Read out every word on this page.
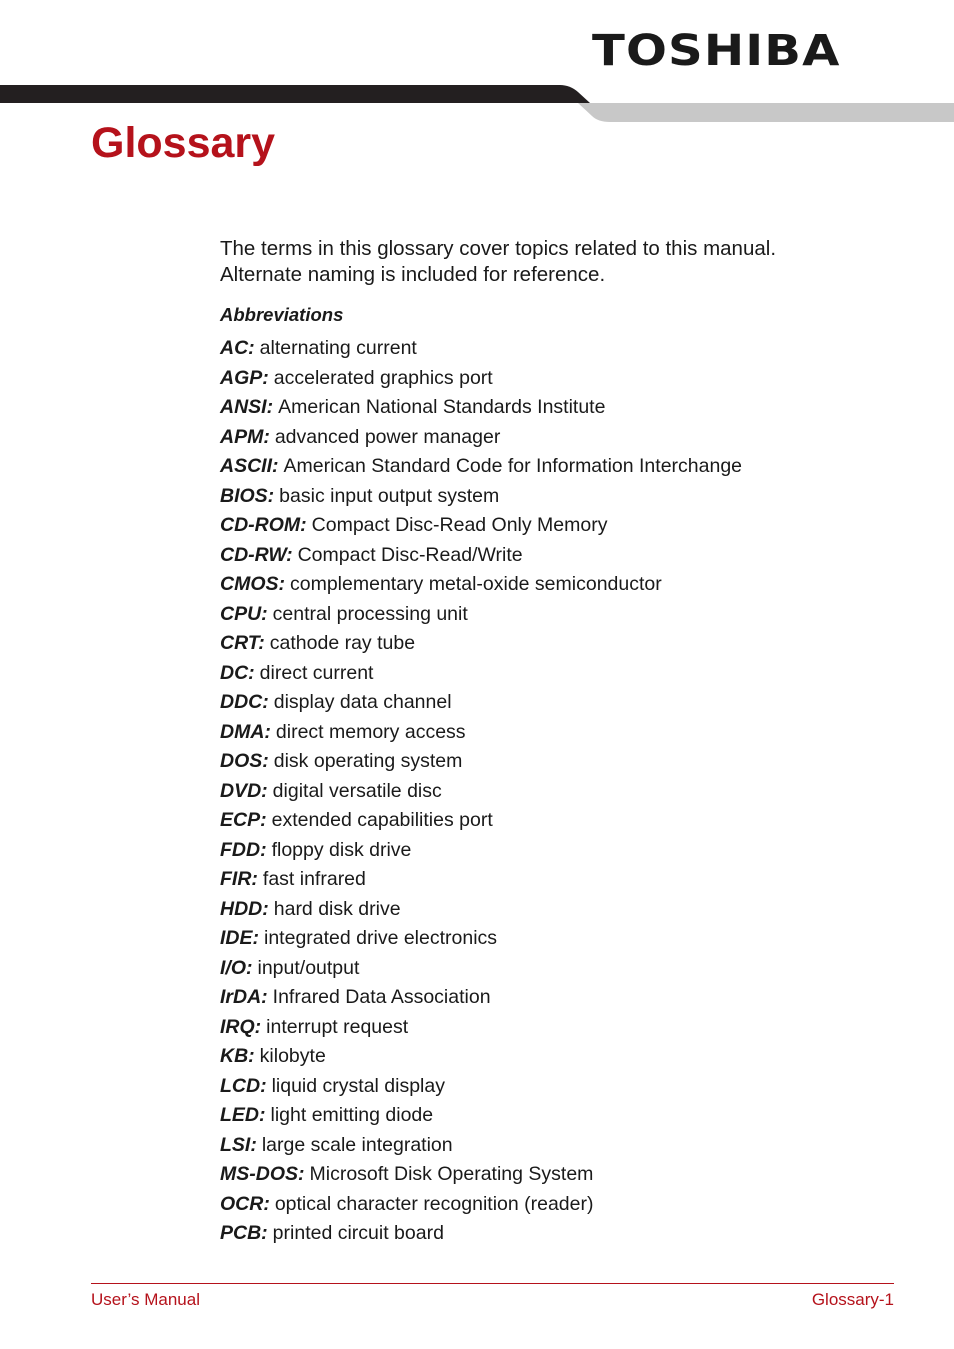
TOSHIBA
Glossary
The terms in this glossary cover topics related to this manual.
Alternate naming is included for reference.
Abbreviations
AC: alternating current
AGP: accelerated graphics port
ANSI: American National Standards Institute
APM: advanced power manager
ASCII: American Standard Code for Information Interchange
BIOS: basic input output system
CD-ROM: Compact Disc-Read Only Memory
CD-RW: Compact Disc-Read/Write
CMOS: complementary metal-oxide semiconductor
CPU: central processing unit
CRT: cathode ray tube
DC: direct current
DDC: display data channel
DMA: direct memory access
DOS: disk operating system
DVD: digital versatile disc
ECP: extended capabilities port
FDD: floppy disk drive
FIR: fast infrared
HDD: hard disk drive
IDE: integrated drive electronics
I/O: input/output
IrDA: Infrared Data Association
IRQ: interrupt request
KB: kilobyte
LCD: liquid crystal display
LED: light emitting diode
LSI: large scale integration
MS-DOS: Microsoft Disk Operating System
OCR: optical character recognition (reader)
PCB: printed circuit board
User’s Manual	Glossary-1
